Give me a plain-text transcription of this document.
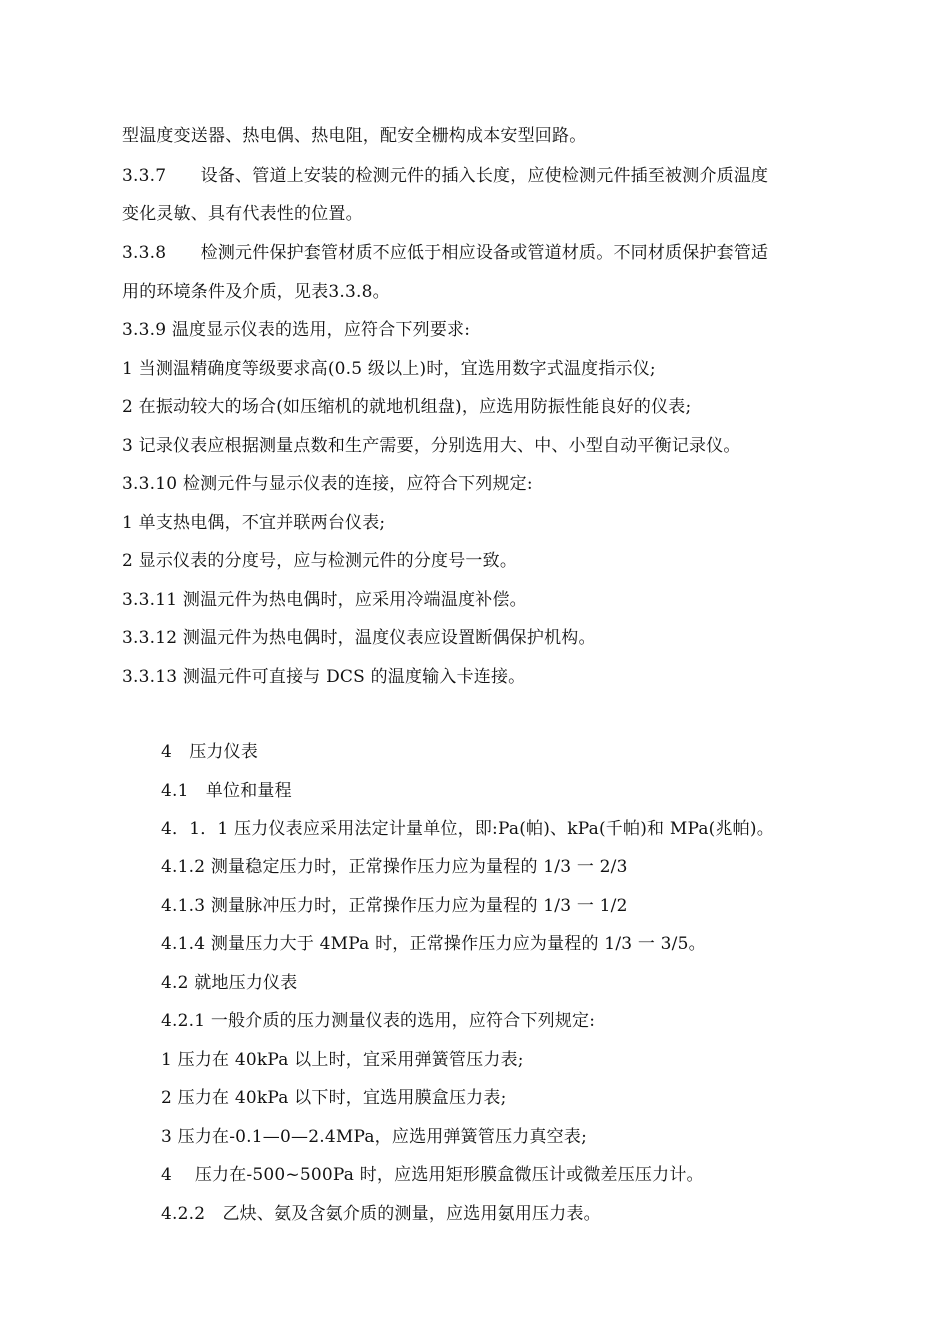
型温度变送器、热电偶、热电阻，配安全栅构成本安型回路。
3.3.7　　设备、管道上安装的检测元件的插入长度，应使检测元件插至被测介质温度
变化灵敏、具有代表性的位置。
3.3.8　　检测元件保护套管材质不应低于相应设备或管道材质。不同材质保护套管适
用的环境条件及介质，见表3.3.8。
3.3.9 温度显示仪表的选用，应符合下列要求:
1 当测温精确度等级要求高(0.5 级以上)时，宜选用数字式温度指示仪;
2 在振动较大的场合(如压缩机的就地机组盘)，应选用防振性能良好的仪表;
3 记录仪表应根据测量点数和生产需要，分别选用大、中、小型自动平衡记录仪。
3.3.10 检测元件与显示仪表的连接，应符合下列规定:
1 单支热电偶，不宜并联两台仪表;
2 显示仪表的分度号，应与检测元件的分度号一致。
3.3.11 测温元件为热电偶时，应采用冷端温度补偿。
3.3.12 测温元件为热电偶时，温度仪表应设置断偶保护机构。
3.3.13 测温元件可直接与 DCS 的温度输入卡连接。
4　压力仪表
4.1　单位和量程
4．1．1 压力仪表应采用法定计量单位，即:Pa(帕)、kPa(千帕)和 MPa(兆帕)。
4.1.2 测量稳定压力时，正常操作压力应为量程的 1/3 一 2/3
4.1.3 测量脉冲压力时，正常操作压力应为量程的 1/3 一 1/2
4.1.4 测量压力大于 4MPa 时，正常操作压力应为量程的 1/3 一 3/5。
4.2 就地压力仪表
4.2.1 一般介质的压力测量仪表的选用，应符合下列规定:
1 压力在 40kPa 以上时，宜采用弹簧管压力表;
2 压力在 40kPa 以下时，宜选用膜盒压力表;
3 压力在-0.1—0—2.4MPa，应选用弹簧管压力真空表;
4　 压力在-500~500Pa 时，应选用矩形膜盒微压计或微差压压力计。
4.2.2　乙炔、氨及含氨介质的测量，应选用氨用压力表。
